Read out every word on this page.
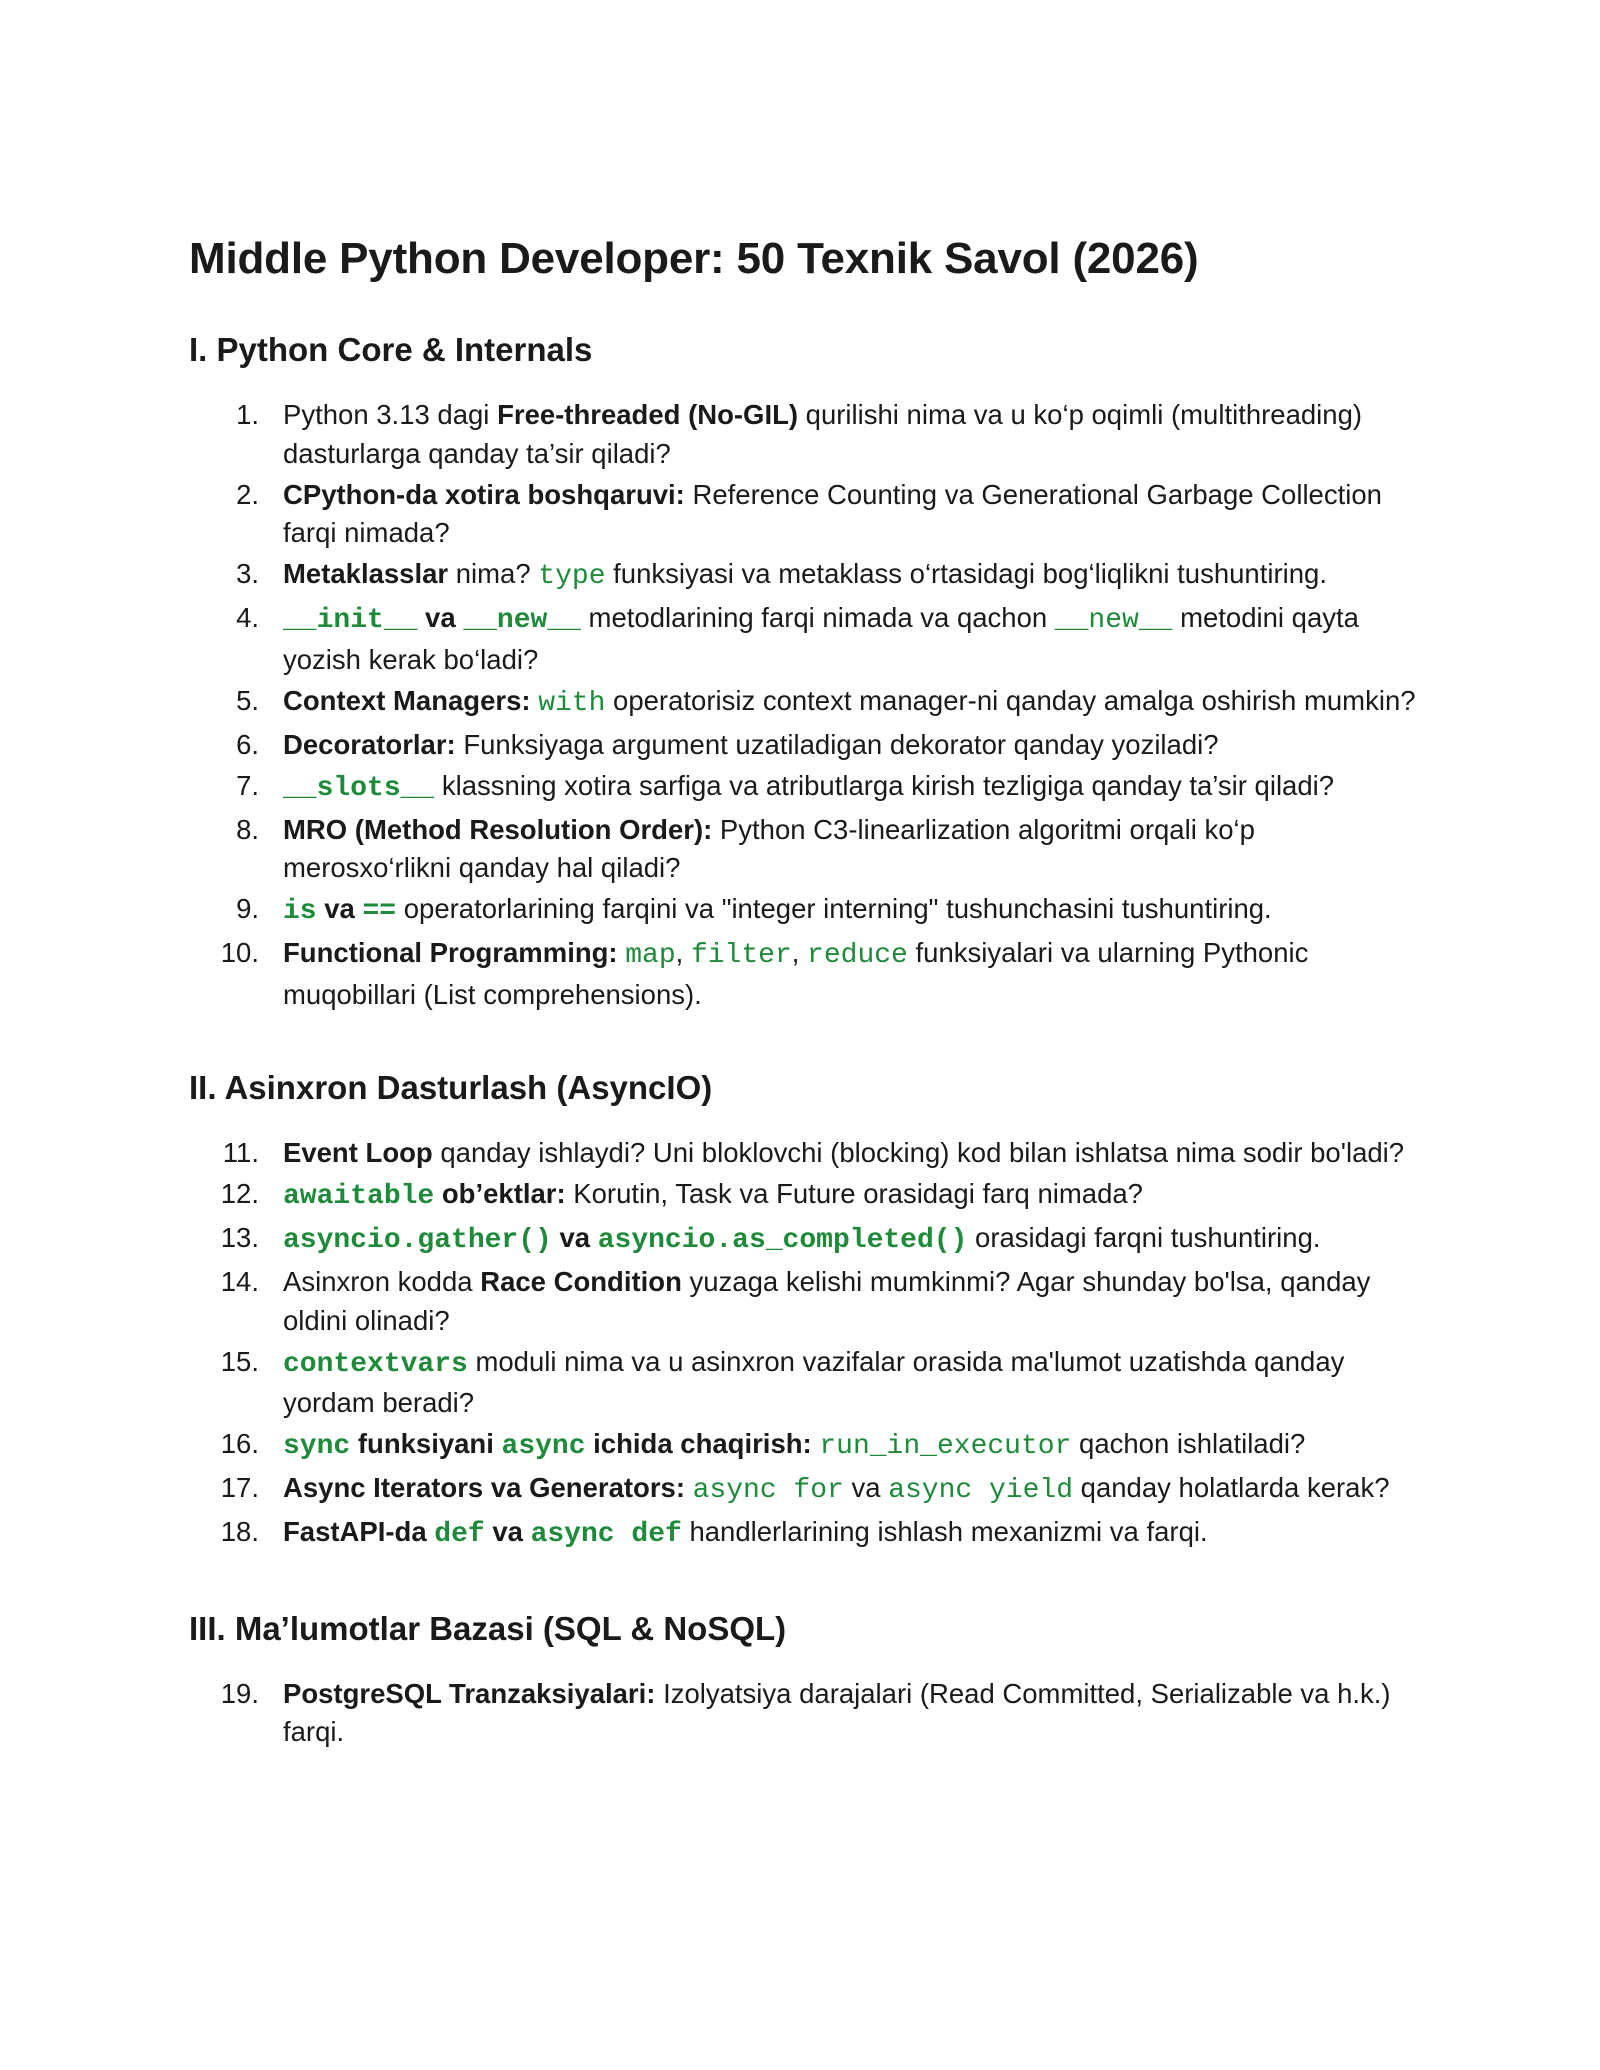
Middle Python Developer: 50 Texnik Savol (2026)
I. Python Core & Internals
1. Python 3.13 dagi Free-threaded (No-GIL) qurilishi nima va u ko‘p oqimli (multithreading) dasturlarga qanday ta’sir qiladi?
2. CPython-da xotira boshqaruvi: Reference Counting va Generational Garbage Collection farqi nimada?
3. Metaklasslar nima? type funksiyasi va metaklass o‘rtasidagi bog‘liqlikni tushuntiring.
4. __init__ va __new__ metodlarining farqi nimada va qachon __new__ metodini qayta yozish kerak bo‘ladi?
5. Context Managers: with operatorisiz context manager-ni qanday amalga oshirish mumkin?
6. Decoratorlar: Funksiyaga argument uzatiladigan dekorator qanday yoziladi?
7. __slots__ klassning xotira sarfiga va atributlarga kirish tezligiga qanday ta’sir qiladi?
8. MRO (Method Resolution Order): Python C3-linearlization algoritmi orqali ko‘p merosxo‘rlikni qanday hal qiladi?
9. is va == operatorlarining farqini va "integer interning" tushunchasini tushuntiring.
10. Functional Programming: map, filter, reduce funksiyalari va ularning Pythonic muqobillari (List comprehensions).
II. Asinxron Dasturlash (AsyncIO)
11. Event Loop qanday ishlaydi? Uni bloklovchi (blocking) kod bilan ishlatsa nima sodir bo'ladi?
12. awaitable ob’ektlar: Korutin, Task va Future orasidagi farq nimada?
13. asyncio.gather() va asyncio.as_completed() orasidagi farqni tushuntiring.
14. Asinxron kodda Race Condition yuzaga kelishi mumkinmi? Agar shunday bo'lsa, qanday oldini olinadi?
15. contextvars moduli nima va u asinxron vazifalar orasida ma'lumot uzatishda qanday yordam beradi?
16. sync funksiyani async ichida chaqirish: run_in_executor qachon ishlatiladi?
17. Async Iterators va Generators: async for va async yield qanday holatlarda kerak?
18. FastAPI-da def va async def handlerlarining ishlash mexanizmi va farqi.
III. Ma’lumotlar Bazasi (SQL & NoSQL)
19. PostgreSQL Tranzaksiyalari: Izolyatsiya darajalari (Read Committed, Serializable va h.k.) farqi.
